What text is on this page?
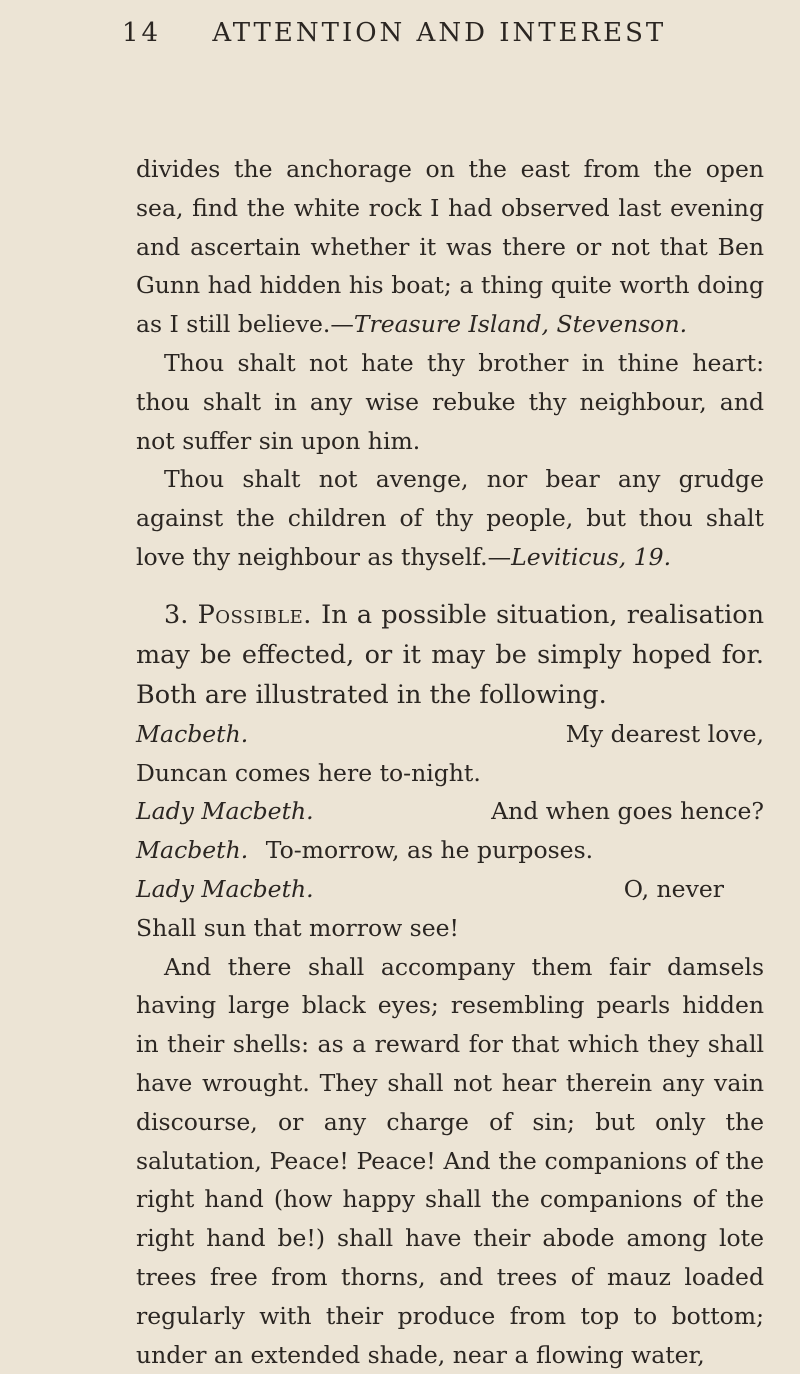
14 ATTENTION AND INTEREST

divides the anchorage on the east from the open sea, find the white rock I had observed last evening and ascertain whether it was there or not that Ben Gunn had hidden his boat; a thing quite worth doing as I still believe.—Treasure Island, Stevenson.

Thou shalt not hate thy brother in thine heart: thou shalt in any wise rebuke thy neighbour, and not suffer sin upon him.

Thou shalt not avenge, nor bear any grudge against the children of thy people, but thou shalt love thy neighbour as thyself.—Leviticus, 19.

3. Possible. In a possible situation, realisation may be effected, or it may be simply hoped for. Both are illustrated in the following.

Macbeth.	My dearest love,
Duncan comes here to-night.
Lady Macbeth.	And when goes hence?
Macbeth. To-morrow, as he purposes.
Lady Macbeth.	O, never
Shall sun that morrow see!

And there shall accompany them fair damsels having large black eyes; resembling pearls hidden in their shells: as a reward for that which they shall have wrought. They shall not hear therein any vain discourse, or any charge of sin; but only the salutation, Peace! Peace! And the companions of the right hand (how happy shall the companions of the right hand be!) shall have their abode among lote trees free from thorns, and trees of mauz loaded regularly with their produce from top to bottom; under an extended shade, near a flowing water,
